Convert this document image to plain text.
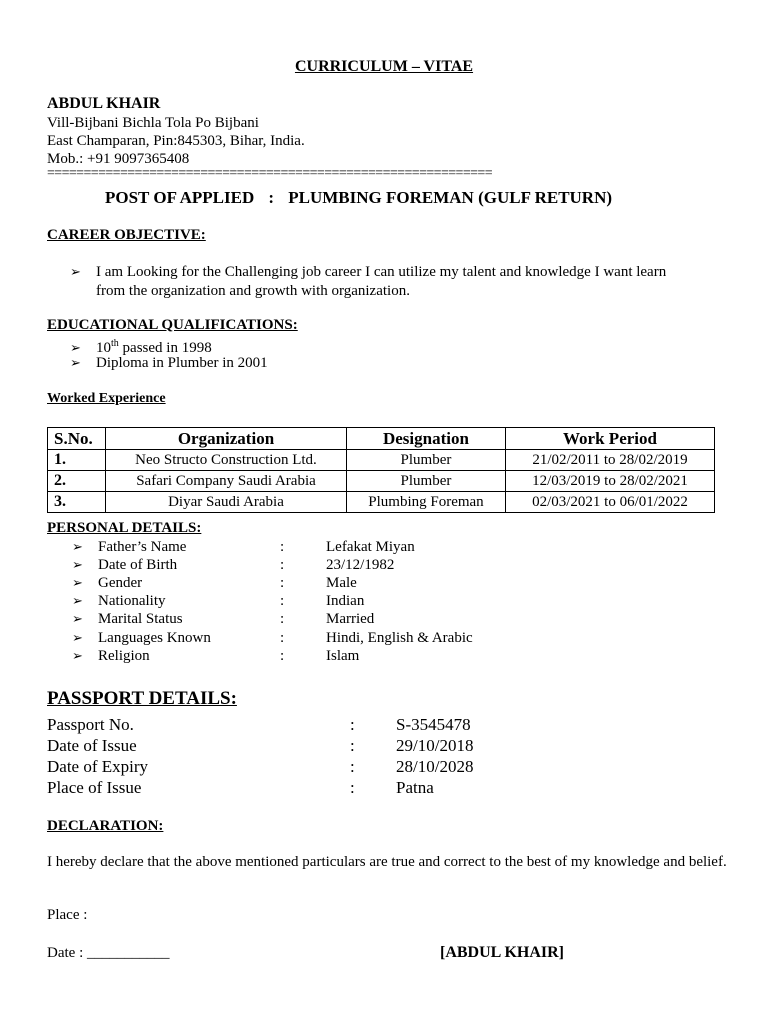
CURRICULUM – VITAE
ABDUL KHAIR
Vill-Bijbani Bichla Tola Po Bijbani
East Champaran, Pin:845303, Bihar, India.
Mob.: +91 9097365408
=============================================================
POST OF APPLIED : PLUMBING FOREMAN (GULF RETURN)
CAREER OBJECTIVE:
➢ I am Looking for the Challenging job career I can utilize my talent and knowledge I want learn
from the organization and growth with organization.
EDUCATIONAL QUALIFICATIONS:
➢ 10th passed in 1998
➢ Diploma in Plumber in 2001
Worked Experience
S.No.	Organization	Designation	Work Period
1.	Neo Structo Construction Ltd.	Plumber	21/02/2011 to 28/02/2019
2.	Safari Company Saudi Arabia	Plumber	12/03/2019 to 28/02/2021
3.	Diyar Saudi Arabia	Plumbing Foreman	02/03/2021 to 06/01/2022
PERSONAL DETAILS:
➢ Father’s Name	:	Lefakat Miyan
➢ Date of Birth	:	23/12/1982
➢ Gender	:	Male
➢ Nationality	:	Indian
➢ Marital Status	:	Married
➢ Languages Known	:	Hindi, English & Arabic
➢ Religion	:	Islam
PASSPORT DETAILS:
Passport No.	: S-3545478
Date of Issue	: 29/10/2018
Date of Expiry	: 28/10/2028
Place of Issue	: Patna
DECLARATION:
I hereby declare that the above mentioned particulars are true and correct to the best of my knowledge and belief.
Place :
Date : ___________	[ABDUL KHAIR]
